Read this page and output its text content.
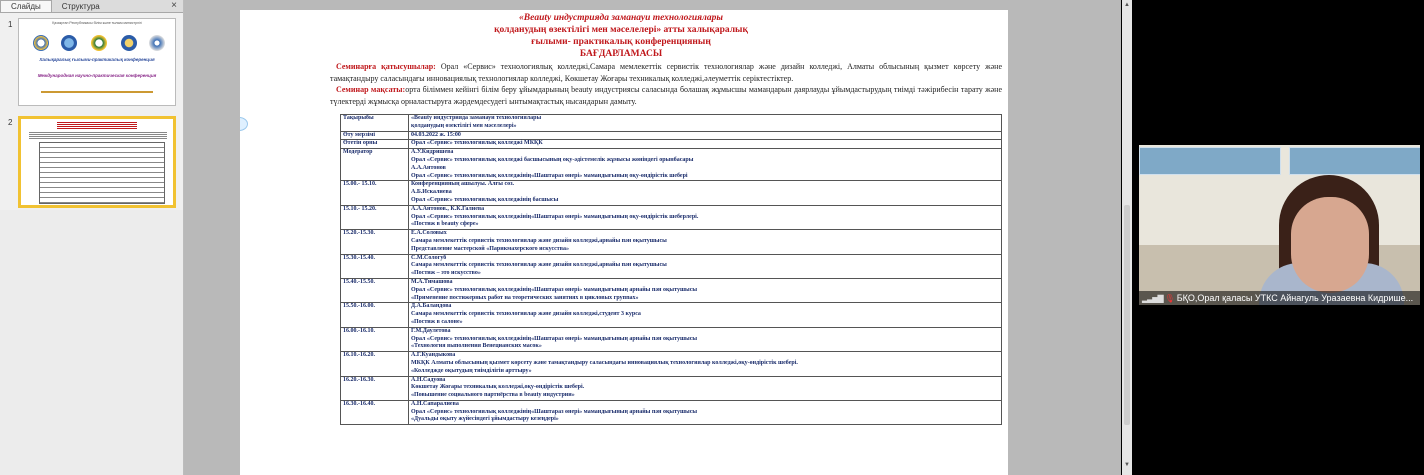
Слайды	Структура	×
1	Қазақстан Республикасы білім және ғылым министрлігі
Халықаралық ғылыми-практикалық конференция
Международная научно-практическая конференция
2
«Beauty индустрияда заманауи технологиялары
қолданудың өзектілігі мен мәселелері» атты халықаралық
ғылыми- практикалық конференцияның
БАҒДАРЛАМАСЫ
Семинарға қатысушылар: Орал «Сервис» технологиялық колледжі,Самара мемлекеттік сервистік технологиялар және дизайн колледжі, Алматы облысының қызмет көрсету және тамақтандыру саласындағы инновациялық технологиялар колледжі, Көкшетау Жоғары техникалық колледжі,әлеуметтік серіктестіктер.
Семинар мақсаты:орта біліммен кейінгі білім беру ұйымдарының beauty индустриясы саласында болашақ жұмысшы мамандарын даярлауды ұйымдастырудың тиімді тәжірибесін тарату және түлектерді жұмысқа орналастыруға жәрдемдесудегі ынтымақтастық нысандарын дамыту.
Тақырыбы	«Beauty индустрияда заманауи технологиялары
қолданудың өзектілігі мен мәселелері»

Өту мерзімі	04.03.2022 ж. 15:00

Өтетін орны	Орал «Сервис» технологиялық колледжі МКҚК

Модератор	А.У.Кидришева
Орал «Сервис» технологиялық колледжі басшысының оқу-әдістемелік жұмысы жөніндегі орынбасары
А.А.Антонов
Орал «Сервис» технологиялық колледжінің«Шаштараз өнері» мамандығының оқу-өндірістік шебері

15.00.- 15.10.	Конференцияның ашылуы. Алғы сөз.
А.Б.Искалиева
Орал «Сервис» технологиялық колледжінің басшысы

15.10.- 15.20.	А.А.Антонов., К.К.Галиева
Орал «Сервис» технологиялық колледжінің«Шаштараз өнері» мамандығының оқу-өндірістік шеберлері.
«Постиж в beauty сфере»

15.20.-15.30.	Е.А.Соловых
Самара мемлекеттік сервистік технологиялар және дизайн колледжі,арнайы пән оқытушысы
Представление мастерской «Парикмахерского искусства»

15.30.-15.40.	С.М.Сологуб
Самара мемлекеттік сервистік технологиялар және дизайн колледжі,арнайы пән оқытушысы
«Постиж – это искусство»

15.40.-15.50.	М.А.Тимашова
Орал «Сервис» технологиялық колледжінің«Шаштараз өнері» мамандығының арнайы пән оқытушысы
«Применение постижерных работ на теоретических занятиях в цикловых группах»

15.50.-16.00.	Д.А.Баландова
Самара мемлекеттік сервистік технологиялар және дизайн колледжі,студент 3 курса
«Постиж в салоне»

16.00.-16.10.	Г.М.Даулетова
Орал «Сервис» технологиялық колледжінің«Шаштараз өнері» мамандығының арнайы пән оқытушысы
«Технология выполнения Венецианских масок»

16.10.-16.20.	А.Г.Куандыкова
МКҚК Алматы облысының қызмет көрсету және тамақтандыру саласындағы инновациялық технологиялар колледжі,оқу-өндірістік шебері.
«Колледжде оқытудың тиімділігін арттыру»

16.20.-16.30.	А.Н.Садуова
Көкшетау Жоғары техникалық колледжі,оқу-өндірістік шебері.
«Повышение социального партнёрства в beauty индустрии»

16.30.-16.40.	А.Н.Сапаралиева
Орал «Сервис» технологиялық колледжінің«Шаштараз өнері» мамандығының арнайы пән оқытушысы
«Дуальды оқыту жүйесіндегі ұйымдастыру кезеңдері»
▲
▼
▂▃▅▇ 🎙 БҚО,Орал қаласы УТКС Айнагуль Уразаевна Кидрише...
